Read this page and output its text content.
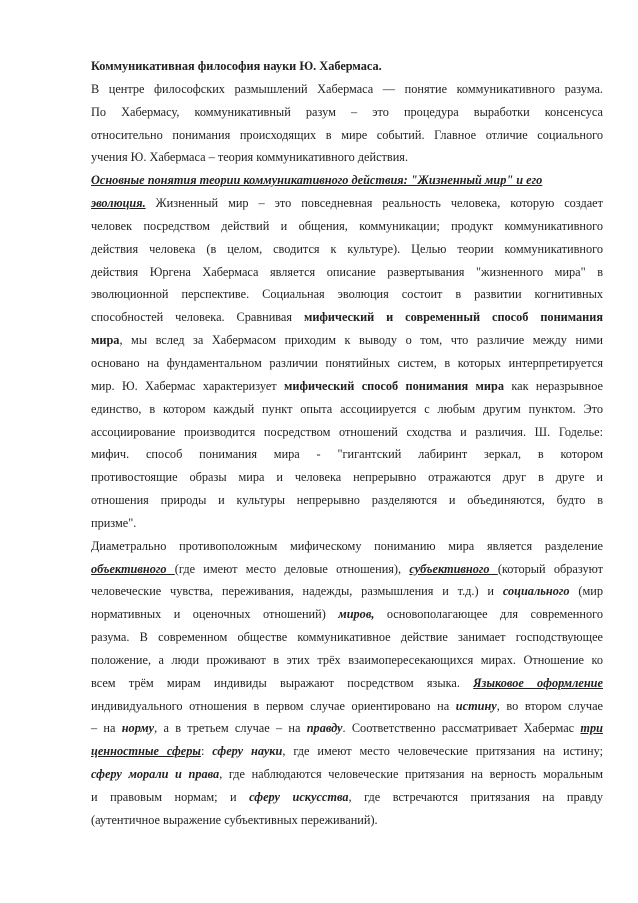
Коммуникативная философия науки Ю. Хабермаса.
В центре философских размышлений Хабермаса — понятие коммуникативного разума.
По Хабермасу, коммуникативный разум – это процедура выработки консенсуса
относительно понимания происходящих в мире событий. Главное отличие социального
учения Ю. Хабермаса – теория коммуникативного действия.
Основные понятия теории коммуникативного действия: "Жизненный мир" и его
эволюция. Жизненный мир – это повседневная реальность человека, которую создает
человек посредством действий и общения, коммуникации; продукт коммуникативного
действия человека (в целом, сводится к культуре). Целью теории коммуникативного
действия Юргена Хабермаса является описание развертывания "жизненного мира" в
эволюционной перспективе. Социальная эволюция состоит в развитии когнитивных
способностей человека. Сравнивая мифический и современный способ понимания
мира, мы вслед за Хабермасом приходим к выводу о том, что различие между ними
основано на фундаментальном различии понятийных систем, в которых интерпретируется
мир. Ю. Хабермас характеризует мифический способ понимания мира как неразрывное
единство, в котором каждый пункт опыта ассоциируется с любым другим пунктом. Это
ассоциирование производится посредством отношений сходства и различия. Ш. Годелье:
мифич. способ понимания мира - "гигантский лабиринт зеркал, в котором
противостоящие образы мира и человека непрерывно отражаются друг в друге и
отношения природы и культуры непрерывно разделяются и объединяются, будто в
призме".
Диаметрально противоположным мифическому пониманию мира является разделение
объективного (где имеют место деловые отношения), субъективного (который образуют
человеческие чувства, переживания, надежды, размышления и т.д.) и социального (мир
нормативных и оценочных отношений) миров, основополагающее для современного
разума. В современном обществе коммуникативное действие занимает господствующее
положение, а люди проживают в этих трёх взаимопересекающихся мирах. Отношение ко
всем трём мирам индивиды выражают посредством языка. Языковое оформление
индивидуального отношения в первом случае ориентировано на истину, во втором случае
– на норму, а в третьем случае – на правду. Соответственно рассматривает Хабермас три
ценностные сферы: сферу науки, где имеют место человеческие притязания на истину;
сферу морали и права, где наблюдаются человеческие притязания на верность моральным
и правовым нормам; и сферу искусства, где встречаются притязания на правду
(аутентичное выражение субъективных переживаний).
